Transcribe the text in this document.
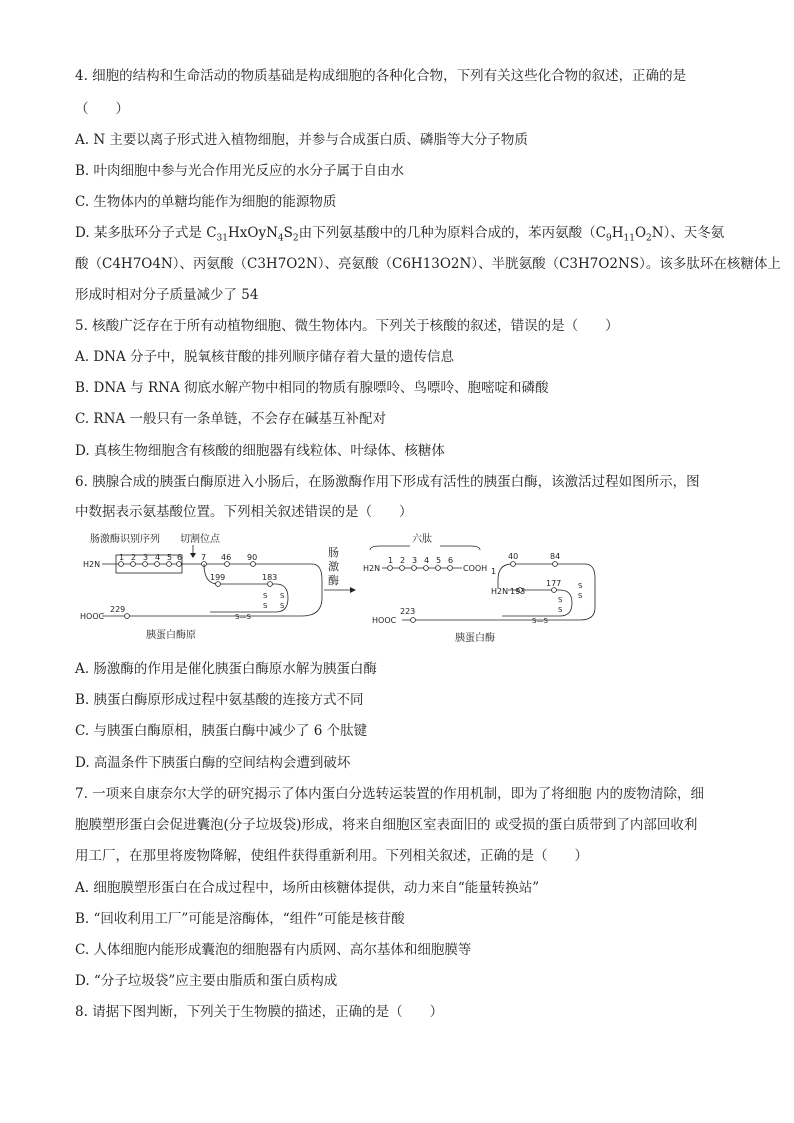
4. 细胞的结构和生命活动的物质基础是构成细胞的各种化合物，下列有关这些化合物的叙述，正确的是
（　　）
A. N 主要以离子形式进入植物细胞，并参与合成蛋白质、磷脂等大分子物质
B. 叶肉细胞中参与光合作用光反应的水分子属于自由水
C. 生物体内的单糖均能作为细胞的能源物质
D. 某多肽环分子式是 $C_{31}HxOyN_4S_2$由下列氨基酸中的几种为原料合成的，苯丙氨酸$(C_9H_{11}O_2N)$、天冬氨
酸（C4H7O4N）、丙氨酸（C3H7O2N）、亮氨酸（C6H13O2N）、半胱氨酸（C3H7O2NS）。该多肽环在核糖体上
形成时相对分子质量减少了 54
5. 核酸广泛存在于所有动植物细胞、微生物体内。下列关于核酸的叙述，错误的是（　　）
A. DNA 分子中，脱氧核苷酸的排列顺序储存着大量的遗传信息
B. DNA 与 RNA 彻底水解产物中相同的物质有腺嘌呤、鸟嘌呤、胞嘧啶和磷酸
C. RNA 一般只有一条单链，不会存在碱基互补配对
D. 真核生物细胞含有核酸的细胞器有线粒体、叶绿体、核糖体
6. 胰腺合成的胰蛋白酶原进入小肠后，在肠激酶作用下形成有活性的胰蛋白酶，该激活过程如图所示，图
中数据表示氨基酸位置。下列相关叙述错误的是（　　）
肠激酶识别序列 切割位点
H2N
1 2 3 4 5 6 7 46 90
199	183
S
S
S
S
S—S
229
HOOC
胰蛋白酶原
肠
激
酶
六肽
H2N
1 2 3 4 5 6
COOH 1
40	84
H2N 193
177
S
S
S
S
S—S
223
HOOC
胰蛋白酶
A. 肠激酶的作用是催化胰蛋白酶原水解为胰蛋白酶
B. 胰蛋白酶原形成过程中氨基酸的连接方式不同
C. 与胰蛋白酶原相，胰蛋白酶中减少了 6 个肽键
D. 高温条件下胰蛋白酶的空间结构会遭到破坏
7. 一项来自康奈尔大学的研究揭示了体内蛋白分选转运装置的作用机制，即为了将细胞 内的废物清除，细
胞膜塑形蛋白会促进囊泡(分子垃圾袋)形成，将来自细胞区室表面旧的 或受损的蛋白质带到了内部回收利
用工厂，在那里将废物降解，使组件获得重新利用。下列相关叙述，正确的是（　　）
A. 细胞膜塑形蛋白在合成过程中，场所由核糖体提供，动力来自“能量转换站”
B. “回收利用工厂”可能是溶酶体，“组件”可能是核苷酸
C. 人体细胞内能形成囊泡的细胞器有内质网、高尔基体和细胞膜等
D. “分子垃圾袋”应主要由脂质和蛋白质构成
8. 请据下图判断，下列关于生物膜的描述，正确的是（　　）
